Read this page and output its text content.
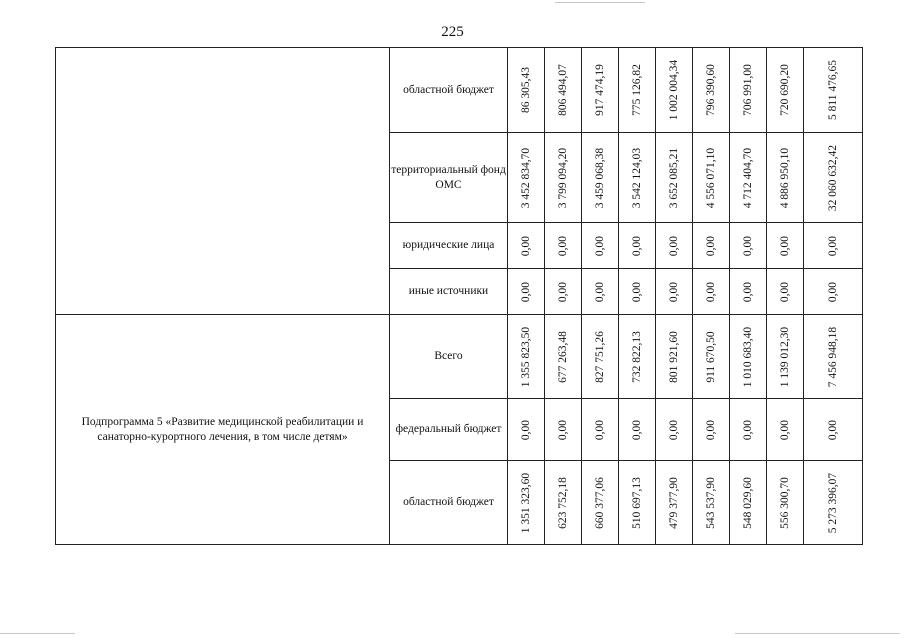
225
	областной бюджет	86 305,43	806 494,07	917 474,19	775 126,82	1 002 004,34	796 390,60	706 991,00	720 690,20	5 811 476,65

	территориальный фонд ОМС	3 452 834,70	3 799 094,20	3 459 068,38	3 542 124,03	3 652 085,21	4 556 071,10	4 712 404,70	4 886 950,10	32 060 632,42

	юридические лица	0,00	0,00	0,00	0,00	0,00	0,00	0,00	0,00	0,00

	иные источники	0,00	0,00	0,00	0,00	0,00	0,00	0,00	0,00	0,00

Подпрограмма 5 «Развитие медицинской реабилитации и санаторно-курортного лечения, в том числе детям»	Всего	1 355 823,50	677 263,48	827 751,26	732 822,13	801 921,60	911 670,50	1 010 683,40	1 139 012,30	7 456 948,18

	федеральный бюджет	0,00	0,00	0,00	0,00	0,00	0,00	0,00	0,00	0,00

	областной бюджет	1 351 323,60	623 752,18	660 377,06	510 697,13	479 377,90	543 537,90	548 029,60	556 300,70	5 273 396,07
